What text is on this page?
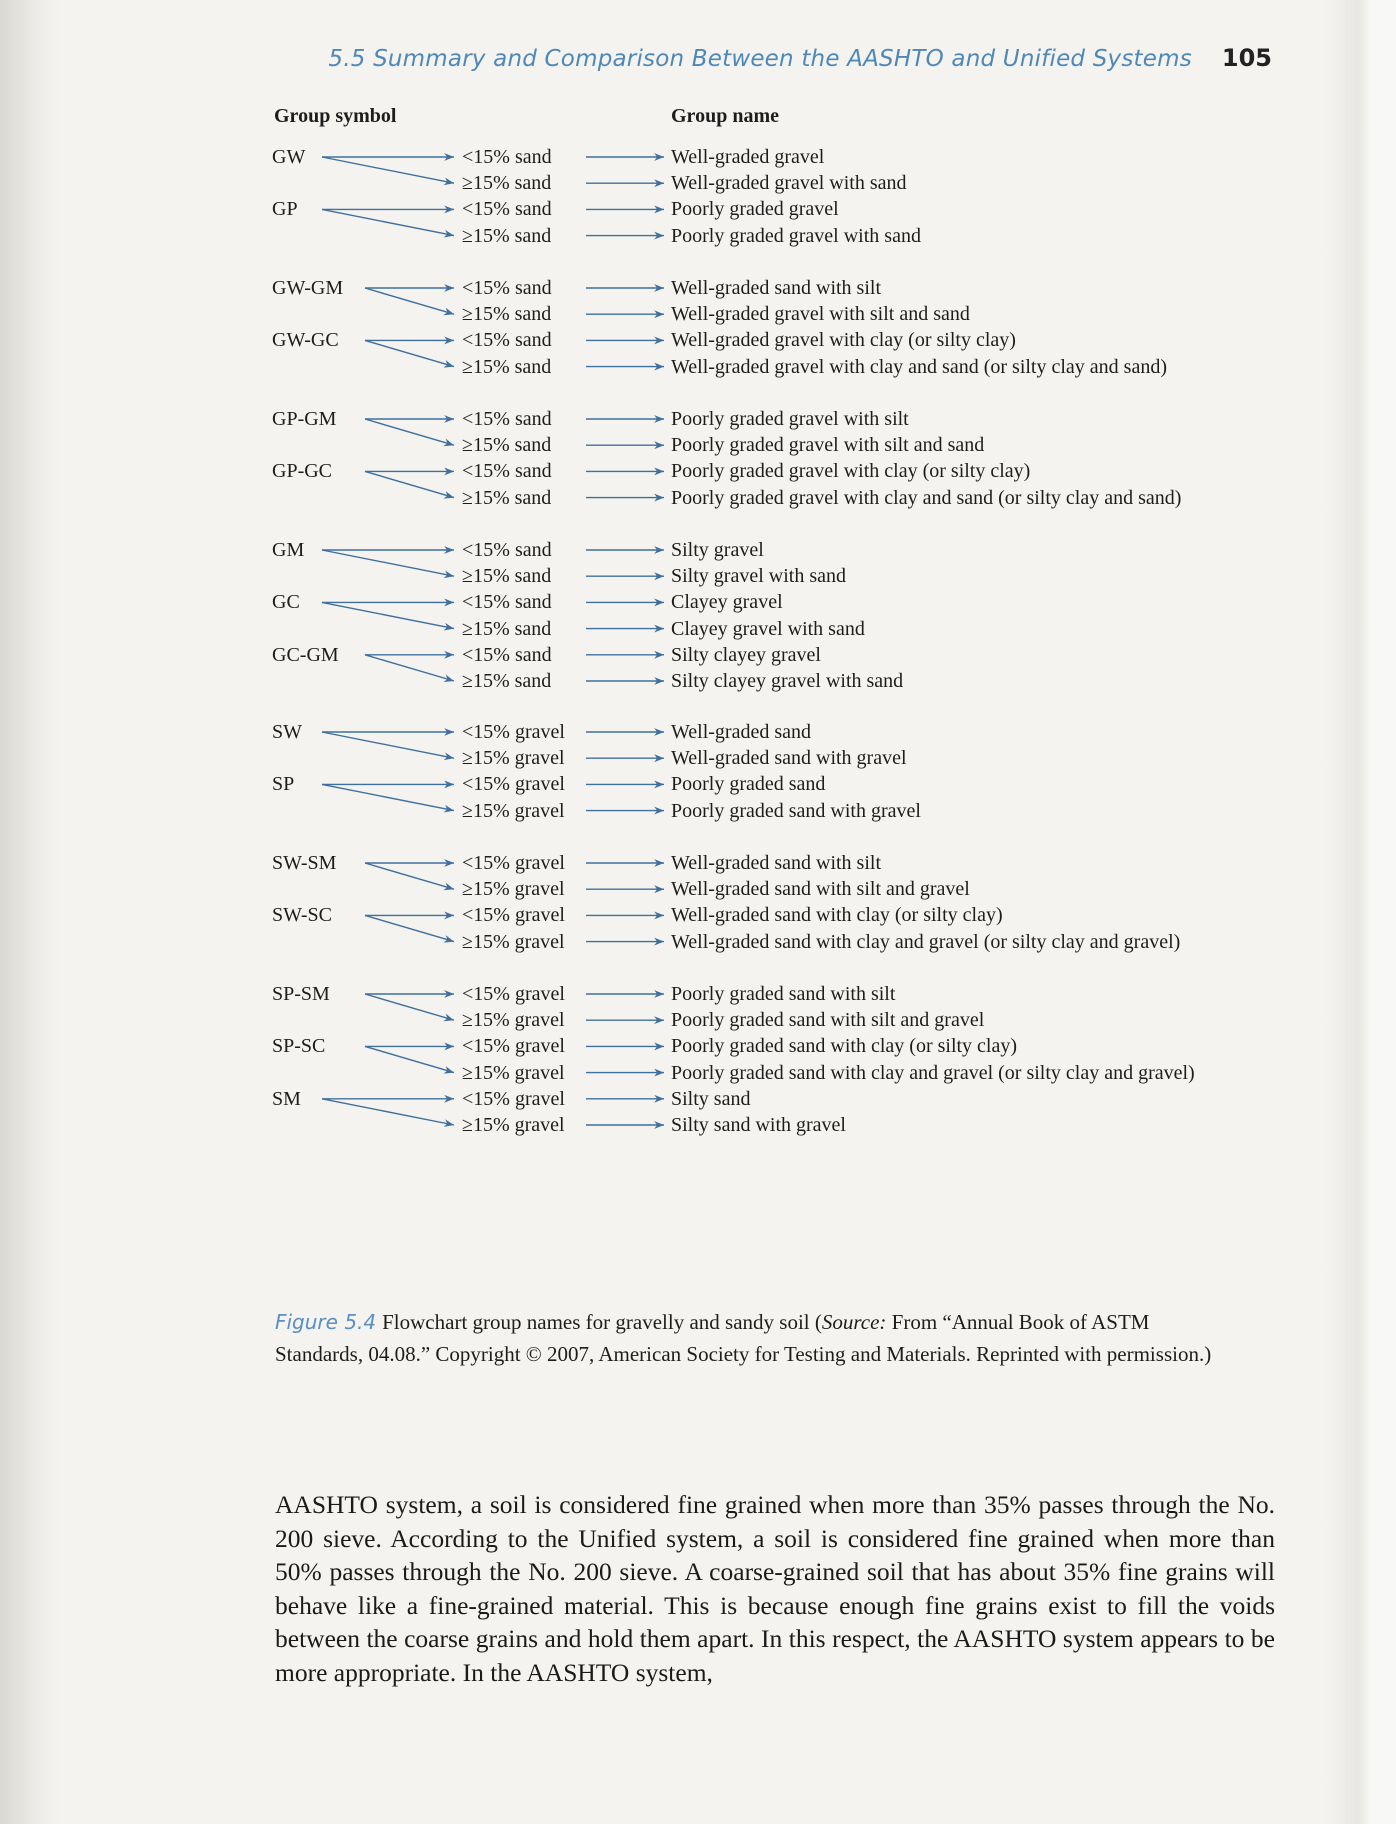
5.5 Summary and Comparison Between the AASHTO and Unified Systems 105
Group symbol	Group name
GW	<15% sand	Well-graded gravel
≥15% sand	Well-graded gravel with sand
GP	<15% sand	Poorly graded gravel
≥15% sand	Poorly graded gravel with sand
GW-GM	<15% sand	Well-graded sand with silt
≥15% sand	Well-graded gravel with silt and sand
GW-GC	<15% sand	Well-graded gravel with clay (or silty clay)
≥15% sand	Well-graded gravel with clay and sand (or silty clay and sand)
GP-GM	<15% sand	Poorly graded gravel with silt
≥15% sand	Poorly graded gravel with silt and sand
GP-GC	<15% sand	Poorly graded gravel with clay (or silty clay)
≥15% sand	Poorly graded gravel with clay and sand (or silty clay and sand)
GM	<15% sand	Silty gravel
≥15% sand	Silty gravel with sand
GC	<15% sand	Clayey gravel
≥15% sand	Clayey gravel with sand
GC-GM	<15% sand	Silty clayey gravel
≥15% sand	Silty clayey gravel with sand
SW	<15% gravel	Well-graded sand
≥15% gravel	Well-graded sand with gravel
SP	<15% gravel	Poorly graded sand
≥15% gravel	Poorly graded sand with gravel
SW-SM	<15% gravel	Well-graded sand with silt
≥15% gravel	Well-graded sand with silt and gravel
SW-SC	<15% gravel	Well-graded sand with clay (or silty clay)
≥15% gravel	Well-graded sand with clay and gravel (or silty clay and gravel)
SP-SM	<15% gravel	Poorly graded sand with silt
≥15% gravel	Poorly graded sand with silt and gravel
SP-SC	<15% gravel	Poorly graded sand with clay (or silty clay)
≥15% gravel	Poorly graded sand with clay and gravel (or silty clay and gravel)
SM	<15% gravel	Silty sand
≥15% gravel	Silty sand with gravel
Figure 5.4 Flowchart group names for gravelly and sandy soil (Source: From “Annual Book of ASTM Standards, 04.08.” Copyright © 2007, American Society for Testing and Materials. Reprinted with permission.)
AASHTO system, a soil is considered fine grained when more than 35% passes through the No. 200 sieve. According to the Unified system, a soil is considered fine grained when more than 50% passes through the No. 200 sieve. A coarse-grained soil that has about 35% fine grains will behave like a fine-grained material. This is because enough fine grains exist to fill the voids between the coarse grains and hold them apart. In this respect, the AASHTO system appears to be more appropriate. In the AASHTO system,
